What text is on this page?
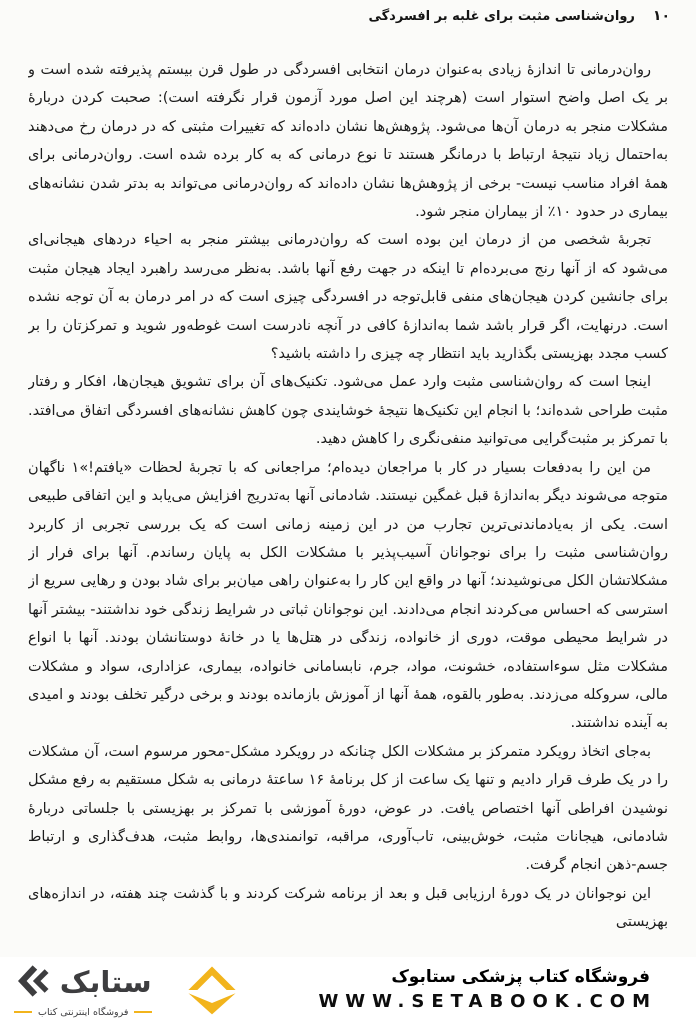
۱۰
روان‌شناسی مثبت برای غلبه بر افسردگی

روان‌درمانی تا اندازهٔ زیادی به‌عنوان درمان انتخابی افسردگی در طول قرن بیستم پذیرفته شده است و بر یک اصل واضح استوار است (هرچند این اصل مورد آزمون قرار نگرفته است): صحبت کردن دربارهٔ مشکلات منجر به درمان آن‌ها می‌شود. پژوهش‌ها نشان داده‌اند که تغییرات مثبتی که در درمان رخ می‌دهند به‌احتمال زیاد نتیجهٔ ارتباط با درمانگر هستند تا نوع درمانی که به کار برده شده است. روان‌درمانی برای همهٔ افراد مناسب نیست- برخی از پژوهش‌ها نشان داده‌اند که روان‌درمانی می‌تواند به بدتر شدن نشانه‌های بیماری در حدود ۱۰٪ از بیماران منجر شود.

تجربهٔ شخصی من از درمان این بوده است که روان‌درمانی بیشتر منجر به احیاء دردهای هیجانی‌ای می‌شود که از آنها رنج می‌برده‌ام تا اینکه در جهت رفع آنها باشد. به‌نظر می‌رسد راهبرد ایجاد هیجان مثبت برای جانشین کردن هیجان‌های منفی قابل‌توجه در افسردگی چیزی است که در امر درمان به آن توجه نشده است. درنهایت، اگر قرار باشد شما به‌اندازهٔ کافی در آنچه نادرست است غوطه‌ور شوید و تمرکزتان را بر کسب مجدد بهزیستی بگذارید باید انتظار چه چیزی را داشته باشید؟

اینجا است که روان‌شناسی مثبت وارد عمل می‌شود. تکنیک‌های آن برای تشویق هیجان‌ها، افکار و رفتار مثبت طراحی شده‌اند؛ با انجام این تکنیک‌ها نتیجهٔ خوشایندی چون کاهش نشانه‌های افسردگی اتفاق می‌افتد. با تمرکز بر مثبت‌گرایی می‌توانید منفی‌نگری را کاهش دهید.

من این را به‌دفعات بسیار در کار با مراجعان دیده‌ام؛ مراجعانی که با تجربهٔ لحظات «یافتم!»۱ ناگهان متوجه می‌شوند دیگر به‌اندازهٔ قبل غمگین نیستند. شادمانی آنها به‌تدریج افزایش می‌یابد و این اتفاقی طبیعی است. یکی از به‌یادماندنی‌ترین تجارب من در این زمینه زمانی است که یک بررسی تجربی از کاربرد روان‌شناسی مثبت را برای نوجوانان آسیب‌پذیر با مشکلات الکل به پایان رساندم. آنها برای فرار از مشکلاتشان الکل می‌نوشیدند؛ آنها در واقع این کار را به‌عنوان راهی میان‌بر برای شاد بودن و رهایی سریع از استرسی که احساس می‌کردند انجام می‌دادند. این نوجوانان ثباتی در شرایط زندگی خود نداشتند- بیشتر آنها در شرایط محیطی موقت، دوری از خانواده، زندگی در هتل‌ها یا در خانهٔ دوستانشان بودند. آنها با انواع مشکلات مثل سوءاستفاده، خشونت، مواد، جرم، نابسامانی خانواده، بیماری، عزاداری، سواد و مشکلات مالی، سروکله می‌زدند. به‌طور بالقوه، همهٔ آنها از آموزش بازمانده بودند و برخی درگیر تخلف بودند و امیدی به آینده نداشتند.

به‌جای اتخاذ رویکرد متمرکز بر مشکلات الکل چنانکه در رویکرد مشکل-محور مرسوم است، آن مشکلات را در یک طرف قرار دادیم و تنها یک ساعت از کل برنامهٔ ۱۶ ساعتهٔ درمانی به شکل مستقیم به رفع مشکل نوشیدن افراطی آنها اختصاص یافت. در عوض، دورهٔ آموزشی با تمرکز بر بهزیستی با جلساتی دربارهٔ شادمانی، هیجانات مثبت، خوش‌بینی، تاب‌آوری، مراقبه، توانمندی‌ها، روابط مثبت، هدف‌گذاری و ارتباط جسم-ذهن انجام گرفت.

این نوجوانان در یک دورهٔ ارزیابی قبل و بعد از برنامه شرکت کردند و با گذشت چند هفته، در اندازه‌های بهزیستی

ستابک
فروشگاه اینترنتی کتاب
فروشگاه کتاب پزشکی ستابوک
WWW.SETABOOK.COM
